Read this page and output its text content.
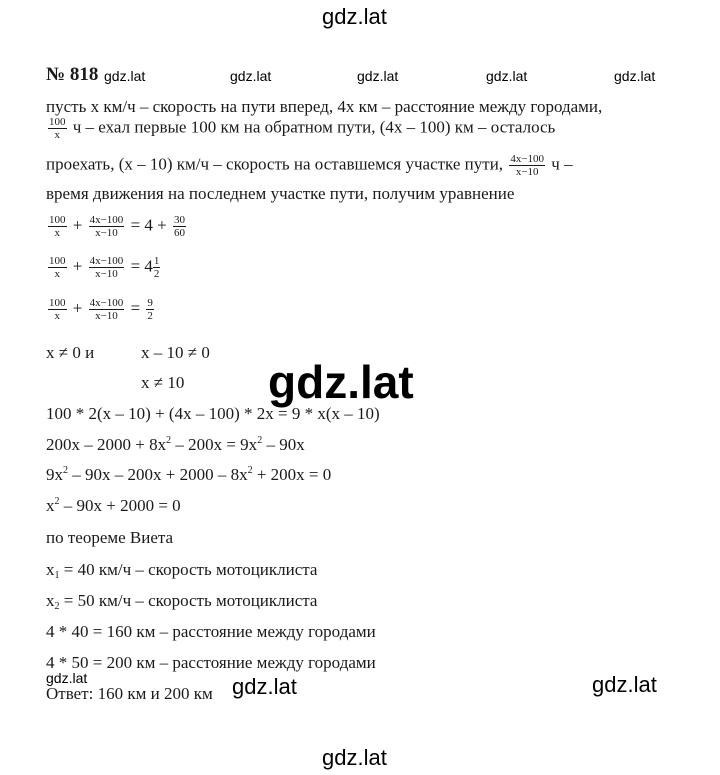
gdz.lat
gdz.lat	gdz.lat	gdz.lat	gdz.lat	gdz.lat
gdz.lat
gdz.lat	gdz.lat	gdz.lat
gdz.lat
№ 818
пусть x км/ч – скорость на пути вперед, 4x км – расстояние между городами,
$\frac{100}{x}$ ч – ехал первые 100 км на обратном пути, (4x – 100) км – осталось
проехать, (x – 10) км/ч – скорость на оставшемся участке пути, $\frac{4x-100}{x-10}$ ч –
время движения на последнем участке пути, получим уравнение
$\frac{100}{x} + \frac{4x-100}{x-10} = 4 + \frac{30}{60}$
$\frac{100}{x} + \frac{4x-100}{x-10} = 4 \frac{1}{2}$
$\frac{100}{x} + \frac{4x-100}{x-10} = \frac{9}{2}$
x ≠ 0 и	x – 10 ≠ 0
x ≠ 10
100 * 2(x – 10) + (4x – 100) * 2x = 9 * x(x – 10)
$200x - 2000 + 8x^2 - 200x = 9x^2 - 90x$
$9x^2 - 90x - 200x + 2000 - 8x^2 + 200x = 0$
$x^2 - 90x + 2000 = 0$
по теореме Виета
$x_1 = 40$ км/ч – скорость мотоциклиста
$x_2 = 50$ км/ч – скорость мотоциклиста
4 * 40 = 160 км – расстояние между городами
4 * 50 = 200 км – расстояние между городами
Ответ: 160 км и 200 км
